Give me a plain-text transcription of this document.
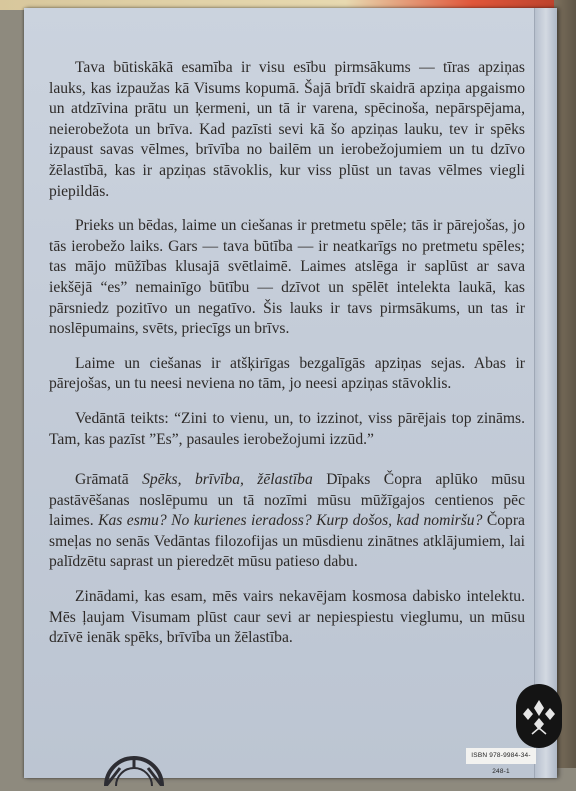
Tava būtiskākā esamība ir visu esību pirmsākums — tīras apziņas lauks, kas izpaužas kā Visums kopumā. Šajā brīdī skaidrā apziņa apgaismo un atdzīvina prātu un ķermeni, un tā ir varena, spēcinoša, nepārspējama, neierobežota un brīva. Kad pazīsti sevi kā šo apziņas lauku, tev ir spēks izpaust savas vēlmes, brīvība no bailēm un ierobežojumiem un tu dzīvo žēlastībā, kas ir apziņas stāvoklis, kur viss plūst un tavas vēlmes viegli piepildās.

Prieks un bēdas, laime un ciešanas ir pretmetu spēle; tās ir pārejošas, jo tās ierobežo laiks. Gars — tava būtība — ir neatkarīgs no pretmetu spēles; tas mājo mūžības klusajā svētlaimē. Laimes atslēga ir saplūst ar sava iekšējā “es” nemainīgo būtību — dzīvot un spēlēt intelekta laukā, kas pārsniedz pozitīvo un negatīvo. Šis lauks ir tavs pirmsākums, un tas ir noslēpumains, svēts, priecīgs un brīvs.

Laime un ciešanas ir atšķirīgas bezgalīgās apziņas sejas. Abas ir pārejošas, un tu neesi neviena no tām, jo neesi apziņas stāvoklis.

Vedāntā teikts: “Zini to vienu, un, to izzinot, viss pārējais top zināms. Tam, kas pazīst ”Es”, pasaules ierobežojumi izzūd.”

Grāmatā Spēks, brīvība, žēlastība Dīpaks Čopra aplūko mūsu pastāvēšanas noslēpumu un tā nozīmi mūsu mūžīgajos centienos pēc laimes. Kas esmu? No kurienes ieradoss? Kurp došos, kad nomiršu? Čopra smeļas no senās Vedāntas filozofijas un mūsdienu zinātnes atklājumiem, lai palīdzētu saprast un pieredzēt mūsu patieso dabu.

Zinādami, kas esam, mēs vairs nekavējam kosmosa dabisko intelektu. Mēs ļaujam Visumam plūst caur sevi ar nepiespiestu vieglumu, un mūsu dzīvē ienāk spēks, brīvība un žēlastība.

ISBN 978-9984-34-248-1
